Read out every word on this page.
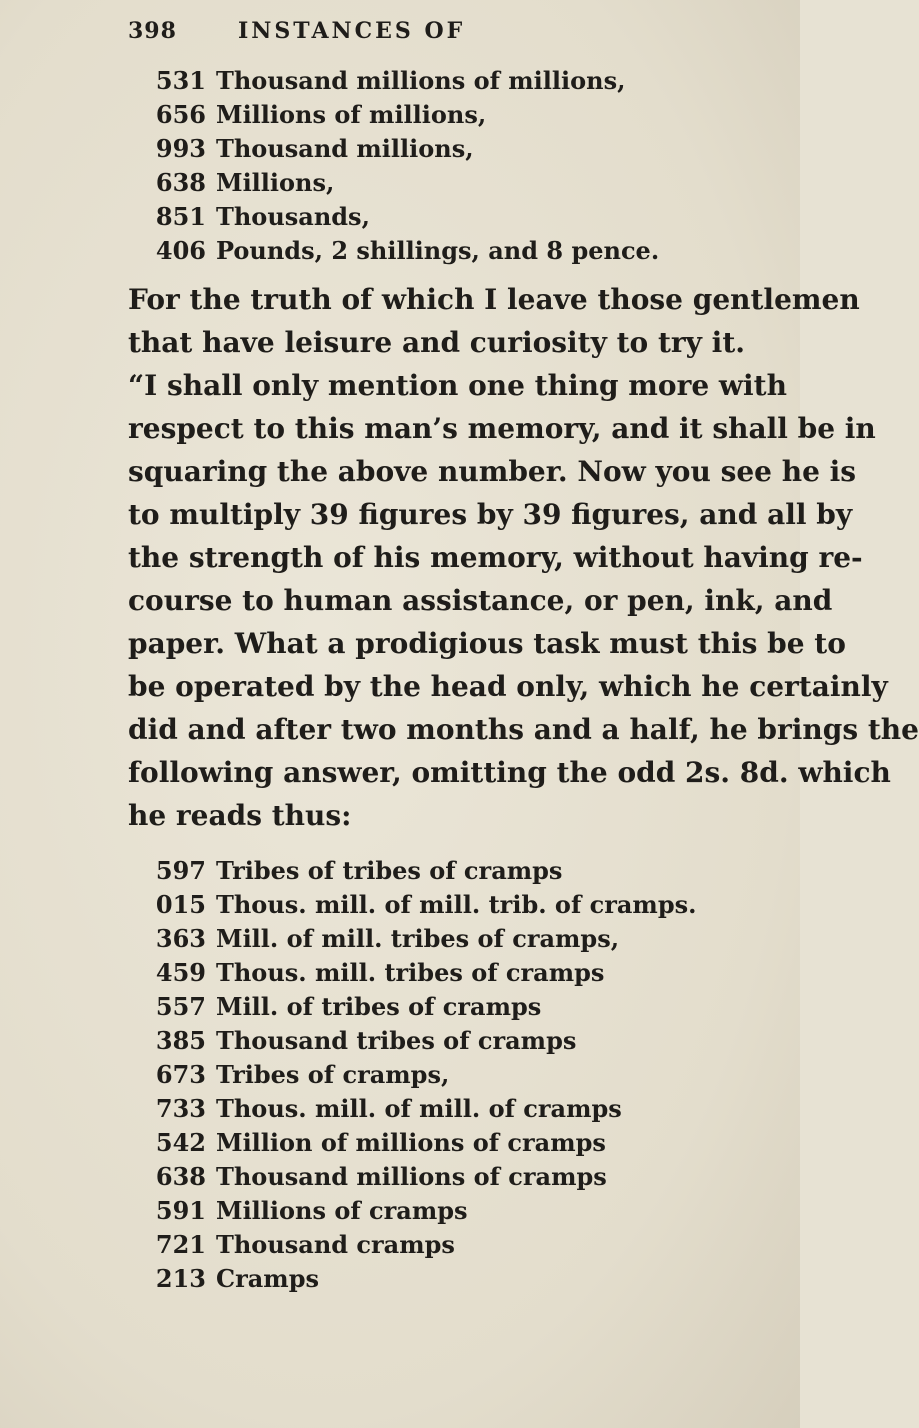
398	INSTANCES OF
531 Thousand millions of millions,
656 Millions of millions,
993 Thousand millions,
638 Millions,
851 Thousands,
406 Pounds, 2 shillings, and 8 pence.
For the truth of which I leave those gentlemen
that have leisure and curiosity to try it.
“I shall only mention one thing more with
respect to this man’s memory, and it shall be in
squaring the above number. Now you see he is
to multiply 39 figures by 39 figures, and all by
the strength of his memory, without having re-
course to human assistance, or pen, ink, and
paper. What a prodigious task must this be to
be operated by the head only, which he certainly
did and after two months and a half, he brings the
following answer, omitting the odd 2s. 8d. which
he reads thus:
597 Tribes of tribes of cramps
015 Thous. mill. of mill. trib. of cramps.
363 Mill. of mill. tribes of cramps,
459 Thous. mill. tribes of cramps
557 Mill. of tribes of cramps
385 Thousand tribes of cramps
673 Tribes of cramps,
733 Thous. mill. of mill. of cramps
542 Million of millions of cramps
638 Thousand millions of cramps
591 Millions of cramps
721 Thousand cramps
213 Cramps
